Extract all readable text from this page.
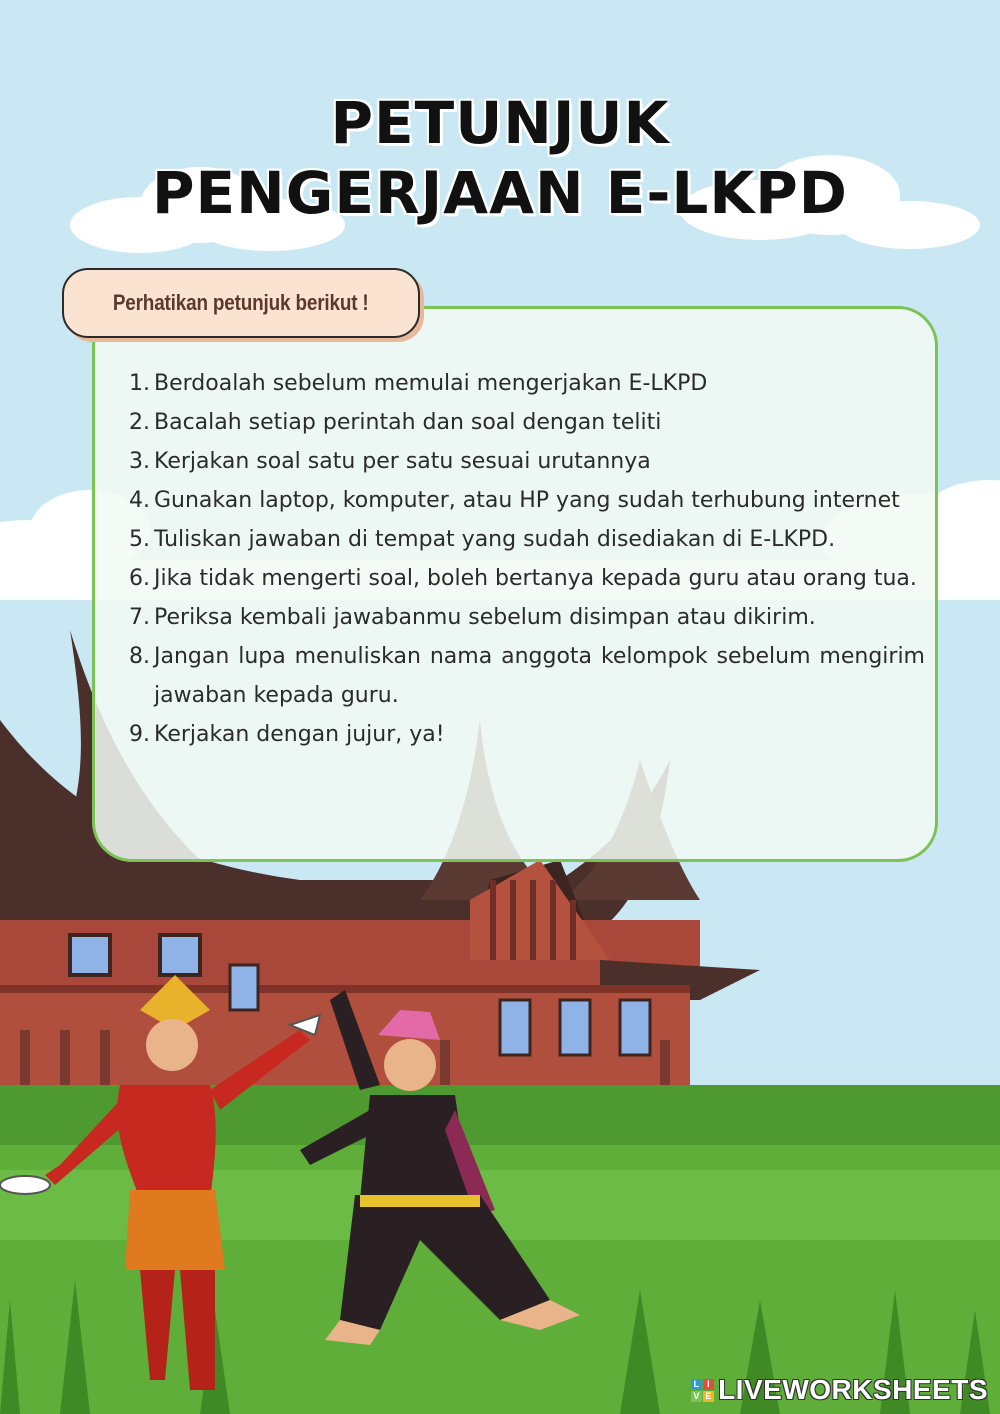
PETUNJUK
PENGERJAAN E-LKPD
Perhatikan petunjuk berikut !
1. Berdoalah sebelum memulai mengerjakan E-LKPD
2. Bacalah setiap perintah dan soal dengan teliti
3. Kerjakan soal satu per satu sesuai urutannya
4. Gunakan laptop, komputer, atau HP yang sudah terhubung internet
5. Tuliskan jawaban di tempat yang sudah disediakan di E-LKPD.
6. Jika tidak mengerti soal, boleh bertanya kepada guru atau orang tua.
7. Periksa kembali jawabanmu sebelum disimpan atau dikirim.
8. Jangan lupa menuliskan nama anggota kelompok sebelum mengirim jawaban kepada guru.
9. Kerjakan dengan jujur, ya!
L I
V E LIVEWORKSHEETS
